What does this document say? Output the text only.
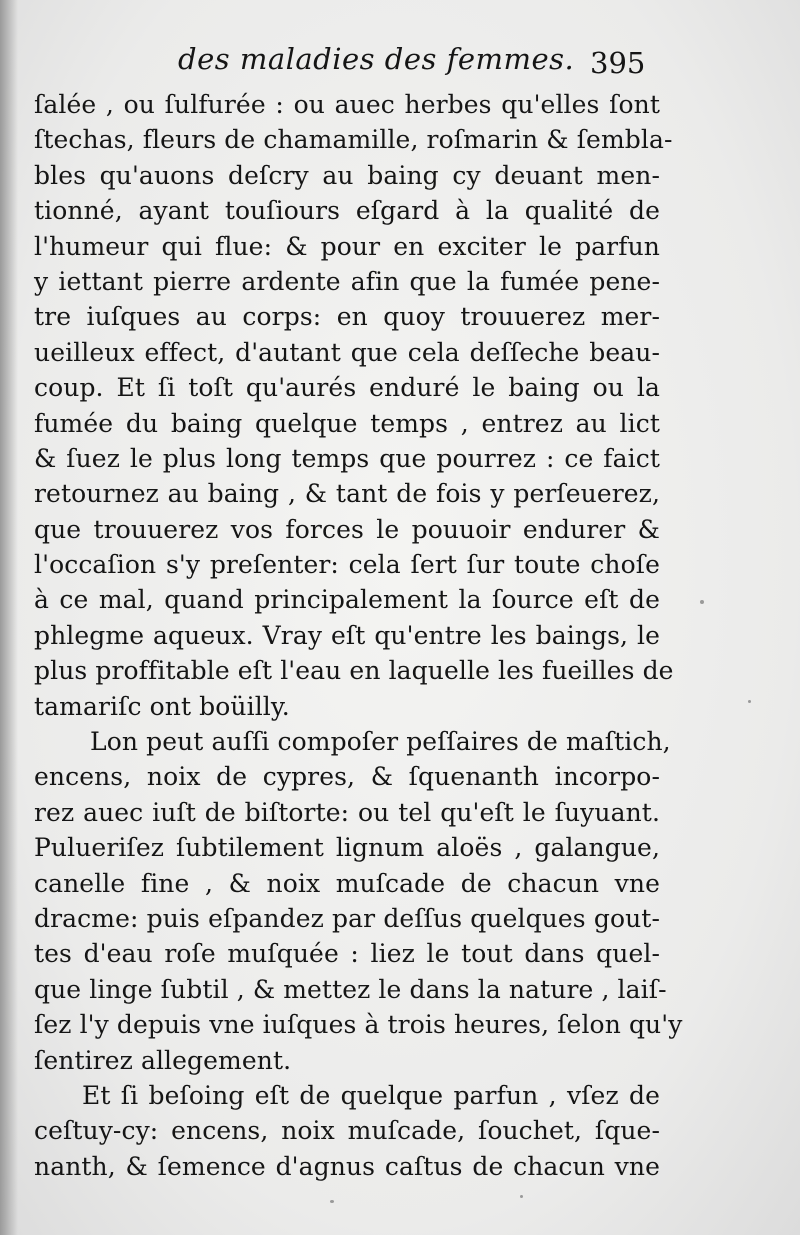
des maladies des femmes. 395
ſalée , ou ſulfurée : ou auec herbes qu'elles ſont
ſtechas, fleurs de chamamille, roſmarin & ſembla-
bles qu'auons deſcry au baing cy deuant men-
tionné, ayant touſiours eſgard à la qualité de
l'humeur qui flue: & pour en exciter le parfun
y iettant pierre ardente afin que la fumée pene-
tre iuſques au corps: en quoy trouuerez mer-
ueilleux effect, d'autant que cela deſſeche beau-
coup. Et ſi toſt qu'aurés enduré le baing ou la
fumée du baing quelque temps , entrez au lict
& ſuez le plus long temps que pourrez : ce faict
retournez au baing , & tant de fois y perſeuerez,
que trouuerez vos forces le pouuoir endurer &
l'occaſion s'y preſenter: cela ſert ſur toute choſe
à ce mal, quand principalement la ſource eſt de
phlegme aqueux. Vray eſt qu'entre les baings, le
plus proffitable eſt l'eau en laquelle les fueilles de
tamariſc ont boüilly.
Lon peut auſſi compoſer peſſaires de maſtich,
encens, noix de cypres, & ſquenanth incorpo-
rez auec iuſt de biſtorte: ou tel qu'eſt le ſuyuant.
Pulueriſez ſubtilement lignum aloës , galangue,
canelle fine , & noix muſcade de chacun vne
dracme: puis eſpandez par deſſus quelques gout-
tes d'eau roſe muſquée : liez le tout dans quel-
que linge ſubtil , & mettez le dans la nature , laiſ-
ſez l'y depuis vne iuſques à trois heures, ſelon qu'y
ſentirez allegement.
Et ſi beſoing eſt de quelque parfun , vſez de
ceſtuy-cy: encens, noix muſcade, ſouchet, ſque-
nanth, & ſemence d'agnus caſtus de chacun vne
